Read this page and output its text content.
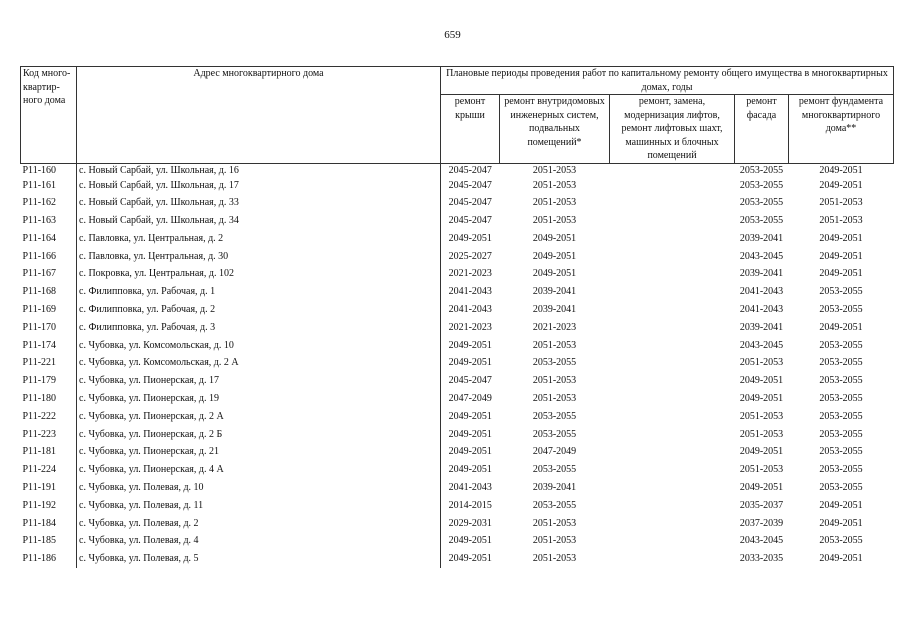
659
Код много-квартир-ного дома	Адрес многоквартирного дома	Плановые периоды проведения работ по капитальному ремонту общего имущества в многоквартирных домах, годы				
		ремонт крыши	ремонт внутридомовых инженерных систем, подвальных помещений*	ремонт, замена, модернизация лифтов, ремонт лифтовых шахт, машинных и блочных помещений	ремонт фасада	ремонт фундамента многоквартирного дома**
Р11-160	с. Новый Сарбай, ул. Школьная, д. 16	2045-2047	2051-2053		2053-2055	2049-2051
Р11-161	с. Новый Сарбай, ул. Школьная, д. 17	2045-2047	2051-2053		2053-2055	2049-2051
Р11-162	с. Новый Сарбай, ул. Школьная, д. 33	2045-2047	2051-2053		2053-2055	2051-2053
Р11-163	с. Новый Сарбай, ул. Школьная, д. 34	2045-2047	2051-2053		2053-2055	2051-2053
Р11-164	с. Павловка, ул. Центральная, д. 2	2049-2051	2049-2051		2039-2041	2049-2051
Р11-166	с. Павловка, ул. Центральная, д. 30	2025-2027	2049-2051		2043-2045	2049-2051
Р11-167	с. Покровка, ул. Центральная, д. 102	2021-2023	2049-2051		2039-2041	2049-2051
Р11-168	с. Филипповка, ул. Рабочая, д. 1	2041-2043	2039-2041		2041-2043	2053-2055
Р11-169	с. Филипповка, ул. Рабочая, д. 2	2041-2043	2039-2041		2041-2043	2053-2055
Р11-170	с. Филипповка, ул. Рабочая, д. 3	2021-2023	2021-2023		2039-2041	2049-2051
Р11-174	с. Чубовка, ул. Комсомольская, д. 10	2049-2051	2051-2053		2043-2045	2053-2055
Р11-221	с. Чубовка, ул. Комсомольская, д. 2 А	2049-2051	2053-2055		2051-2053	2053-2055
Р11-179	с. Чубовка, ул. Пионерская, д. 17	2045-2047	2051-2053		2049-2051	2053-2055
Р11-180	с. Чубовка, ул. Пионерская, д. 19	2047-2049	2051-2053		2049-2051	2053-2055
Р11-222	с. Чубовка, ул. Пионерская, д. 2 А	2049-2051	2053-2055		2051-2053	2053-2055
Р11-223	с. Чубовка, ул. Пионерская, д. 2 Б	2049-2051	2053-2055		2051-2053	2053-2055
Р11-181	с. Чубовка, ул. Пионерская, д. 21	2049-2051	2047-2049		2049-2051	2053-2055
Р11-224	с. Чубовка, ул. Пионерская, д. 4 А	2049-2051	2053-2055		2051-2053	2053-2055
Р11-191	с. Чубовка, ул. Полевая, д. 10	2041-2043	2039-2041		2049-2051	2053-2055
Р11-192	с. Чубовка, ул. Полевая, д. 11	2014-2015	2053-2055		2035-2037	2049-2051
Р11-184	с. Чубовка, ул. Полевая, д. 2	2029-2031	2051-2053		2037-2039	2049-2051
Р11-185	с. Чубовка, ул. Полевая, д. 4	2049-2051	2051-2053		2043-2045	2053-2055
Р11-186	с. Чубовка, ул. Полевая, д. 5	2049-2051	2051-2053		2033-2035	2049-2051
